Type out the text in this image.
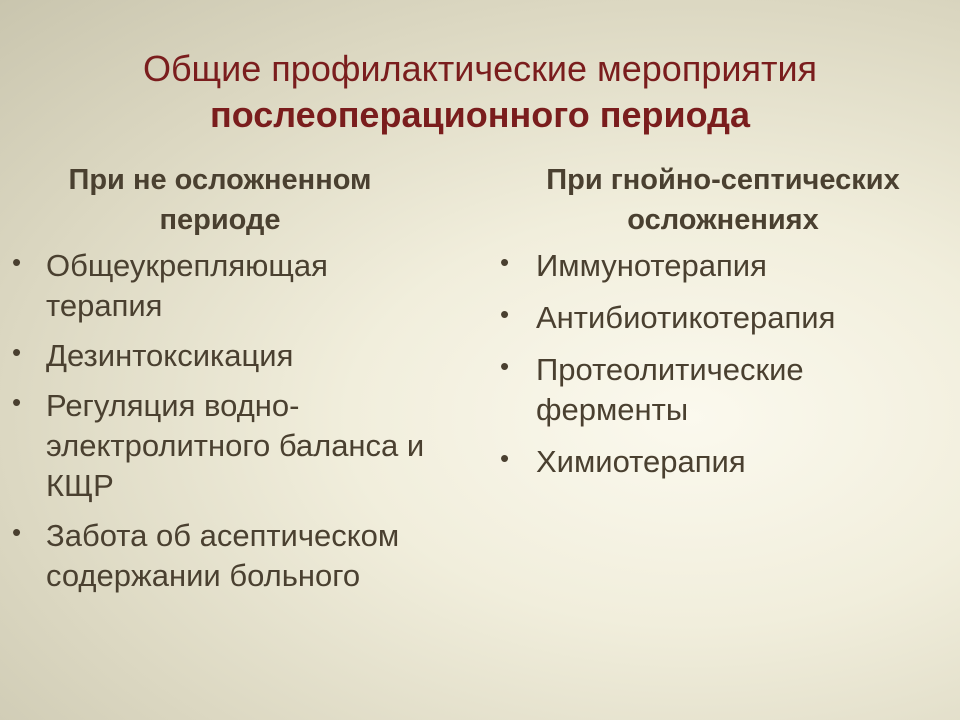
Общие профилактические мероприятия
послеоперационного периода
При не осложненном периоде
• Общеукрепляющая терапия
• Дезинтоксикация
• Регуляция водно-электролитного баланса и КЩР
• Забота об асептическом содержании больного
При гнойно-септических осложнениях
• Иммунотерапия
• Антибиотикотерапия
• Протеолитические ферменты
• Химиотерапия
